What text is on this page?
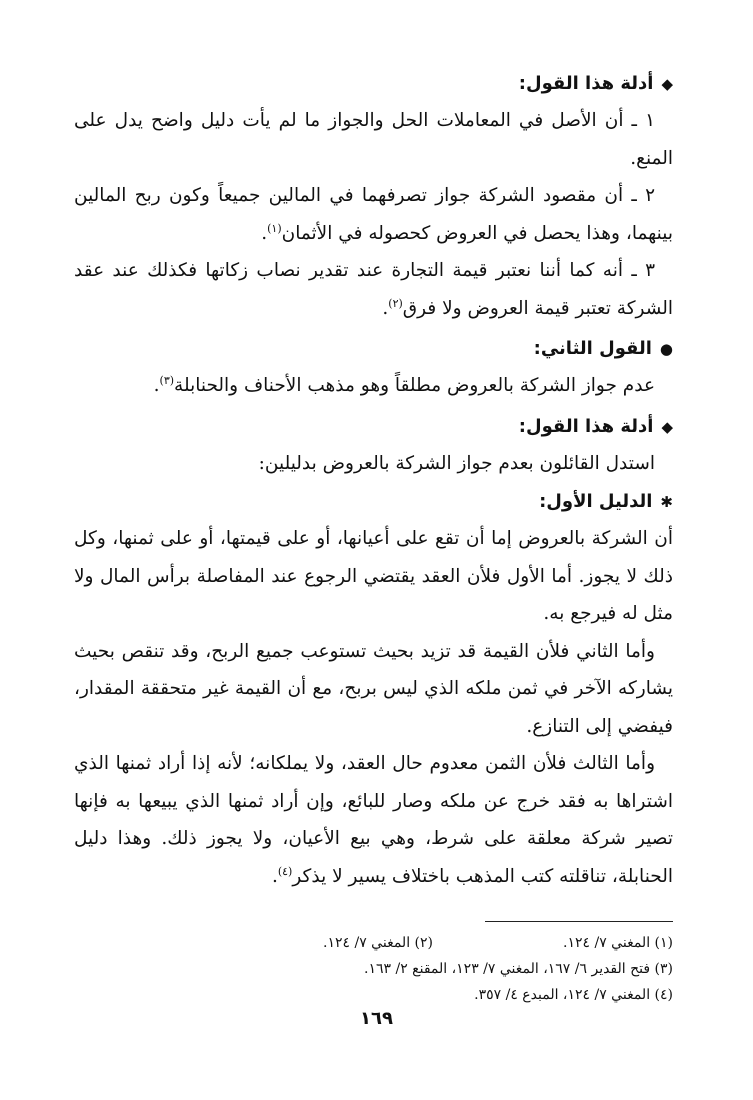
◆أدلة هذا القول:

١ ـ أن الأصل في المعاملات الحل والجواز ما لم يأت دليل واضح يدل على المنع.

٢ ـ أن مقصود الشركة جواز تصرفهما في المالين جميعاً وكون ربح المالين بينهما، وهذا يحصل في العروض كحصوله في الأثمان$^{(١)}$.

٣ ـ أنه كما أننا نعتبر قيمة التجارة عند تقدير نصاب زكاتها فكذلك عند عقد الشركة تعتبر قيمة العروض ولا فرق$^{(٢)}$.

●القول الثاني:

عدم جواز الشركة بالعروض مطلقاً وهو مذهب الأحناف والحنابلة$^{(٣)}$.

◆أدلة هذا القول:

استدل القائلون بعدم جواز الشركة بالعروض بدليلين:

✱الدليل الأول:

أن الشركة بالعروض إما أن تقع على أعيانها، أو على قيمتها، أو على ثمنها، وكل ذلك لا يجوز. أما الأول فلأن العقد يقتضي الرجوع عند المفاصلة برأس المال ولا مثل له فيرجع به.

وأما الثاني فلأن القيمة قد تزيد بحيث تستوعب جميع الربح، وقد تنقص بحيث يشاركه الآخر في ثمن ملكه الذي ليس بربح، مع أن القيمة غير متحققة المقدار، فيفضي إلى التنازع.

وأما الثالث فلأن الثمن معدوم حال العقد، ولا يملكانه؛ لأنه إذا أراد ثمنها الذي اشتراها به فقد خرج عن ملكه وصار للبائع، وإن أراد ثمنها الذي يبيعها به فإنها تصير شركة معلقة على شرط، وهي بيع الأعيان، ولا يجوز ذلك. وهذا دليل الحنابلة، تناقلته كتب المذهب باختلاف يسير لا يذكر$^{(٤)}$.

(١) المغني ٧/ ١٢٤.
(٢) المغني ٧/ ١٢٤.

(٣) فتح القدير ٦/ ١٦٧، المغني ٧/ ١٢٣، المقنع ٢/ ١٦٣.

(٤) المغني ٧/ ١٢٤، المبدع ٤/ ٣٥٧.

١٦٩
